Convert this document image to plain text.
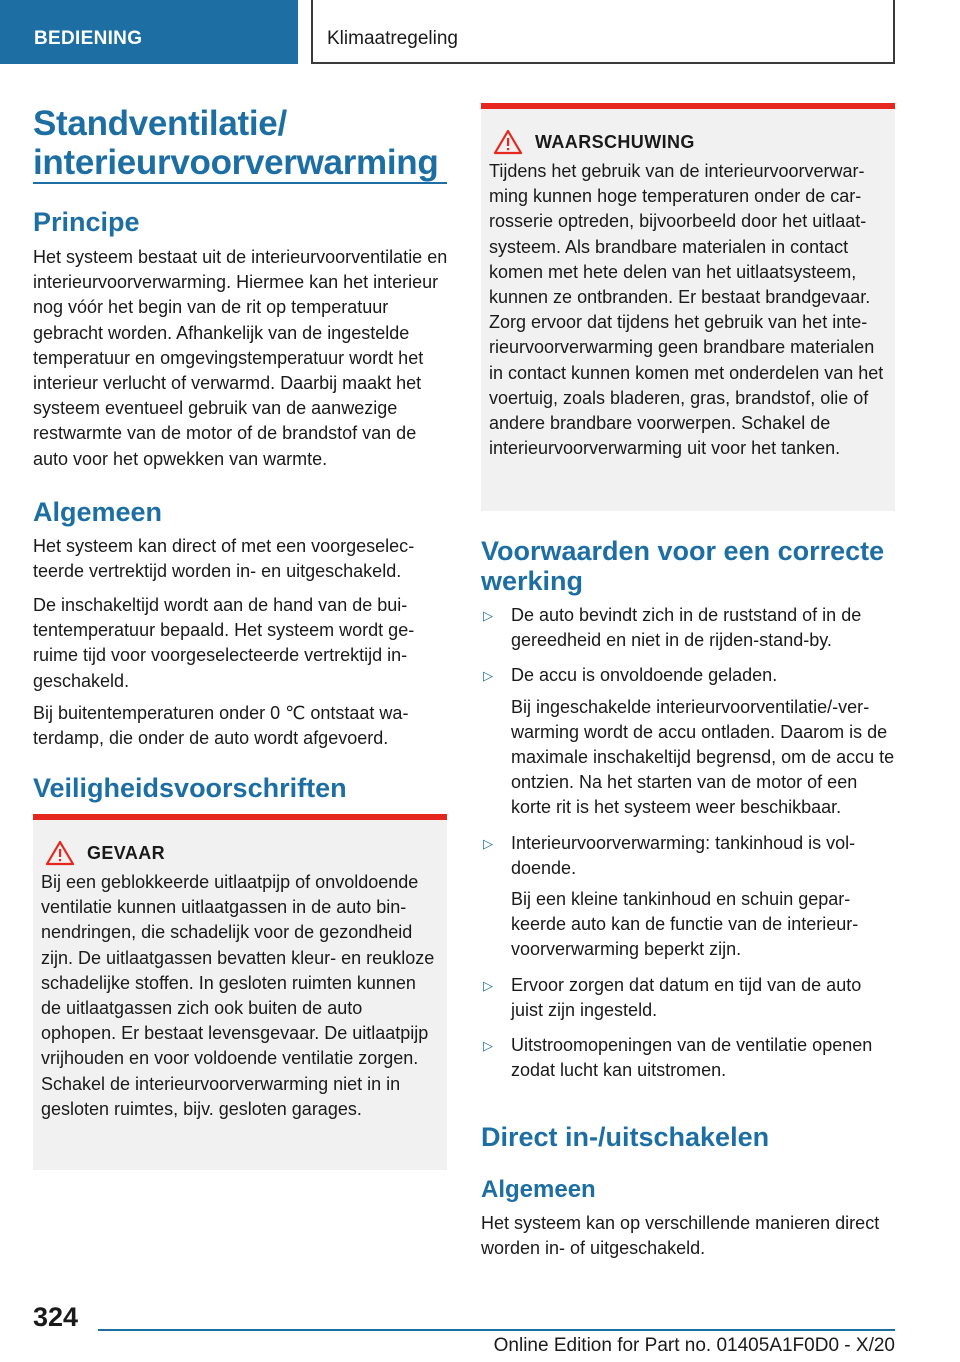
BEDIENING	Klimaatregeling
Standventilatie/
interieurvoorverwarming
Principe
Het systeem bestaat uit de interieurvoorventilatie en interieurvoorverwarming. Hiermee kan het interieur nog vóór het begin van de rit op temperatuur gebracht worden. Afhankelijk van de ingestelde temperatuur en omgevingstemperatuur wordt het interieur verlucht of verwarmd. Daarbij maakt het systeem eventueel gebruik van de aanwezige restwarmte van de motor of de brandstof van de auto voor het opwekken van warmte.
Algemeen
Het systeem kan direct of met een voorgeselecteerde vertrektijd worden in- en uitgeschakeld.
De inschakeltijd wordt aan de hand van de buitentemperatuur bepaald. Het systeem wordt geruime tijd voor voorgeselecteerde vertrektijd ingeschakeld.
Bij buitentemperaturen onder 0 ℃ ontstaat waterdamp, die onder de auto wordt afgevoerd.
Veiligheidsvoorschriften
GEVAAR
Bij een geblokkeerde uitlaatpijp of onvoldoende ventilatie kunnen uitlaatgassen in de auto binnendringen, die schadelijk voor de gezondheid zijn. De uitlaatgassen bevatten kleur- en reukloze schadelijke stoffen. In gesloten ruimten kunnen de uitlaatgassen zich ook buiten de auto ophopen. Er bestaat levensgevaar. De uitlaatpijp vrijhouden en voor voldoende ventilatie zorgen. Schakel de interieurvoorverwarming niet in in gesloten ruimtes, bijv. gesloten garages.
WAARSCHUWING
Tijdens het gebruik van de interieurvoorverwarming kunnen hoge temperaturen onder de carrosserie optreden, bijvoorbeeld door het uitlaatsysteem. Als brandbare materialen in contact komen met hete delen van het uitlaatsysteem, kunnen ze ontbranden. Er bestaat brandgevaar. Zorg ervoor dat tijdens het gebruik van het interieurvoorverwarming geen brandbare materialen in contact kunnen komen met onderdelen van het voertuig, zoals bladeren, gras, brandstof, olie of andere brandbare voorwerpen. Schakel de interieurvoorverwarming uit voor het tanken.
Voorwaarden voor een correcte werking
▷	De auto bevindt zich in de ruststand of in de gereedheid en niet in de rijden-stand-by.

▷	De accu is onvoldoende geladen.

Bij ingeschakelde interieurvoorventilatie/-verwarming wordt de accu ontladen. Daarom is de maximale inschakeltijd begrensd, om de accu te ontzien. Na het starten van de motor of een korte rit is het systeem weer beschikbaar.

▷	Interieurvoorverwarming: tankinhoud is voldoende.

Bij een kleine tankinhoud en schuin geparkeerde auto kan de functie van de interieurvoorverwarming beperkt zijn.

▷	Ervoor zorgen dat datum en tijd van de auto juist zijn ingesteld.

▷	Uitstroomopeningen van de ventilatie openen zodat lucht kan uitstromen.

Direct in-/uitschakelen
Algemeen
Het systeem kan op verschillende manieren direct worden in- of uitgeschakeld.
324
Online Edition for Part no. 01405A1F0D0 - X/20
